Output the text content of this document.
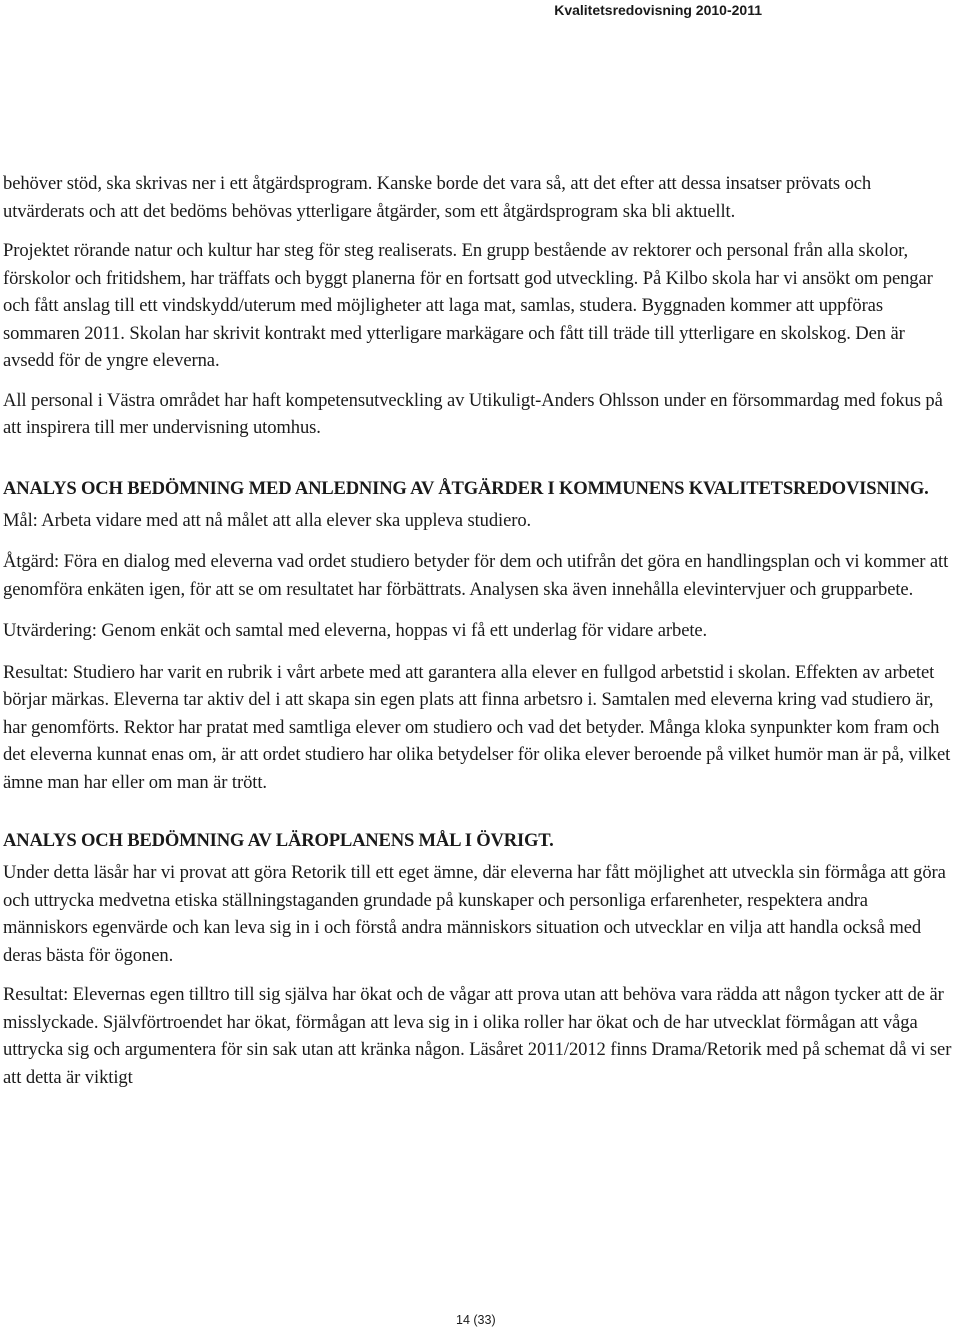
Kvalitetsredovisning 2010-2011

behöver stöd, ska skrivas ner i ett åtgärdsprogram. Kanske borde det vara så, att det efter att dessa insatser prövats och utvärderats och att det bedöms behövas ytterligare åtgärder, som ett åtgärdsprogram ska bli aktuellt.

Projektet rörande natur och kultur har steg för steg realiserats. En grupp bestående av rektorer och personal från alla skolor, förskolor och fritidshem, har träffats och byggt planerna för en fortsatt god utveckling. På Kilbo skola har vi ansökt om pengar och fått anslag till ett vindskydd/uterum med möjligheter att laga mat, samlas, studera. Byggnaden kommer att uppföras sommaren 2011. Skolan har skrivit kontrakt med ytterligare markägare och fått till träde till ytterligare en skolskog. Den är avsedd för de yngre eleverna.

All personal i Västra området har haft kompetensutveckling av Utikuligt-Anders Ohlsson under en försommardag med fokus på att inspirera till mer undervisning utomhus.

ANALYS OCH BEDÖMNING MED ANLEDNING AV ÅTGÄRDER I KOMMUNENS KVALITETSREDOVISNING.

Mål: Arbeta vidare med att nå målet att alla elever ska uppleva studiero.

Åtgärd: Föra en dialog med eleverna vad ordet studiero betyder för dem och utifrån det göra en handlingsplan och vi kommer att genomföra enkäten igen, för att se om resultatet har förbättrats. Analysen ska även innehålla elevintervjuer och grupparbete.

Utvärdering: Genom enkät och samtal med eleverna, hoppas vi få ett underlag för vidare arbete.

Resultat: Studiero har varit en rubrik i vårt arbete med att garantera alla elever en fullgod arbetstid i skolan. Effekten av arbetet börjar märkas. Eleverna tar aktiv del i att skapa sin egen plats att finna arbetsro i. Samtalen med eleverna kring vad studiero är, har genomförts. Rektor har pratat med samtliga elever om studiero och vad det betyder. Många kloka synpunkter kom fram och det eleverna kunnat enas om, är att ordet studiero har olika betydelser för olika elever beroende på vilket humör man är på, vilket ämne man har eller om man är trött.

ANALYS OCH BEDÖMNING AV LÄROPLANENS MÅL I ÖVRIGT.

Under detta läsår har vi provat att göra Retorik till ett eget ämne, där eleverna har fått möjlighet att utveckla sin förmåga att göra och uttrycka medvetna etiska ställningstaganden grundade på kunskaper och personliga erfarenheter, respektera andra människors egenvärde och kan leva sig in i och förstå andra människors situation och utvecklar en vilja att handla också med deras bästa för ögonen.

Resultat: Elevernas egen tilltro till sig själva har ökat och de vågar att prova utan att behöva vara rädda att någon tycker att de är misslyckade. Självförtroendet har ökat, förmågan att leva sig in i olika roller har ökat och de har utvecklat förmågan att våga uttrycka sig och argumentera för sin sak utan att kränka någon. Läsåret 2011/2012 finns Drama/Retorik med på schemat då vi ser att detta är viktigt

14 (33)
